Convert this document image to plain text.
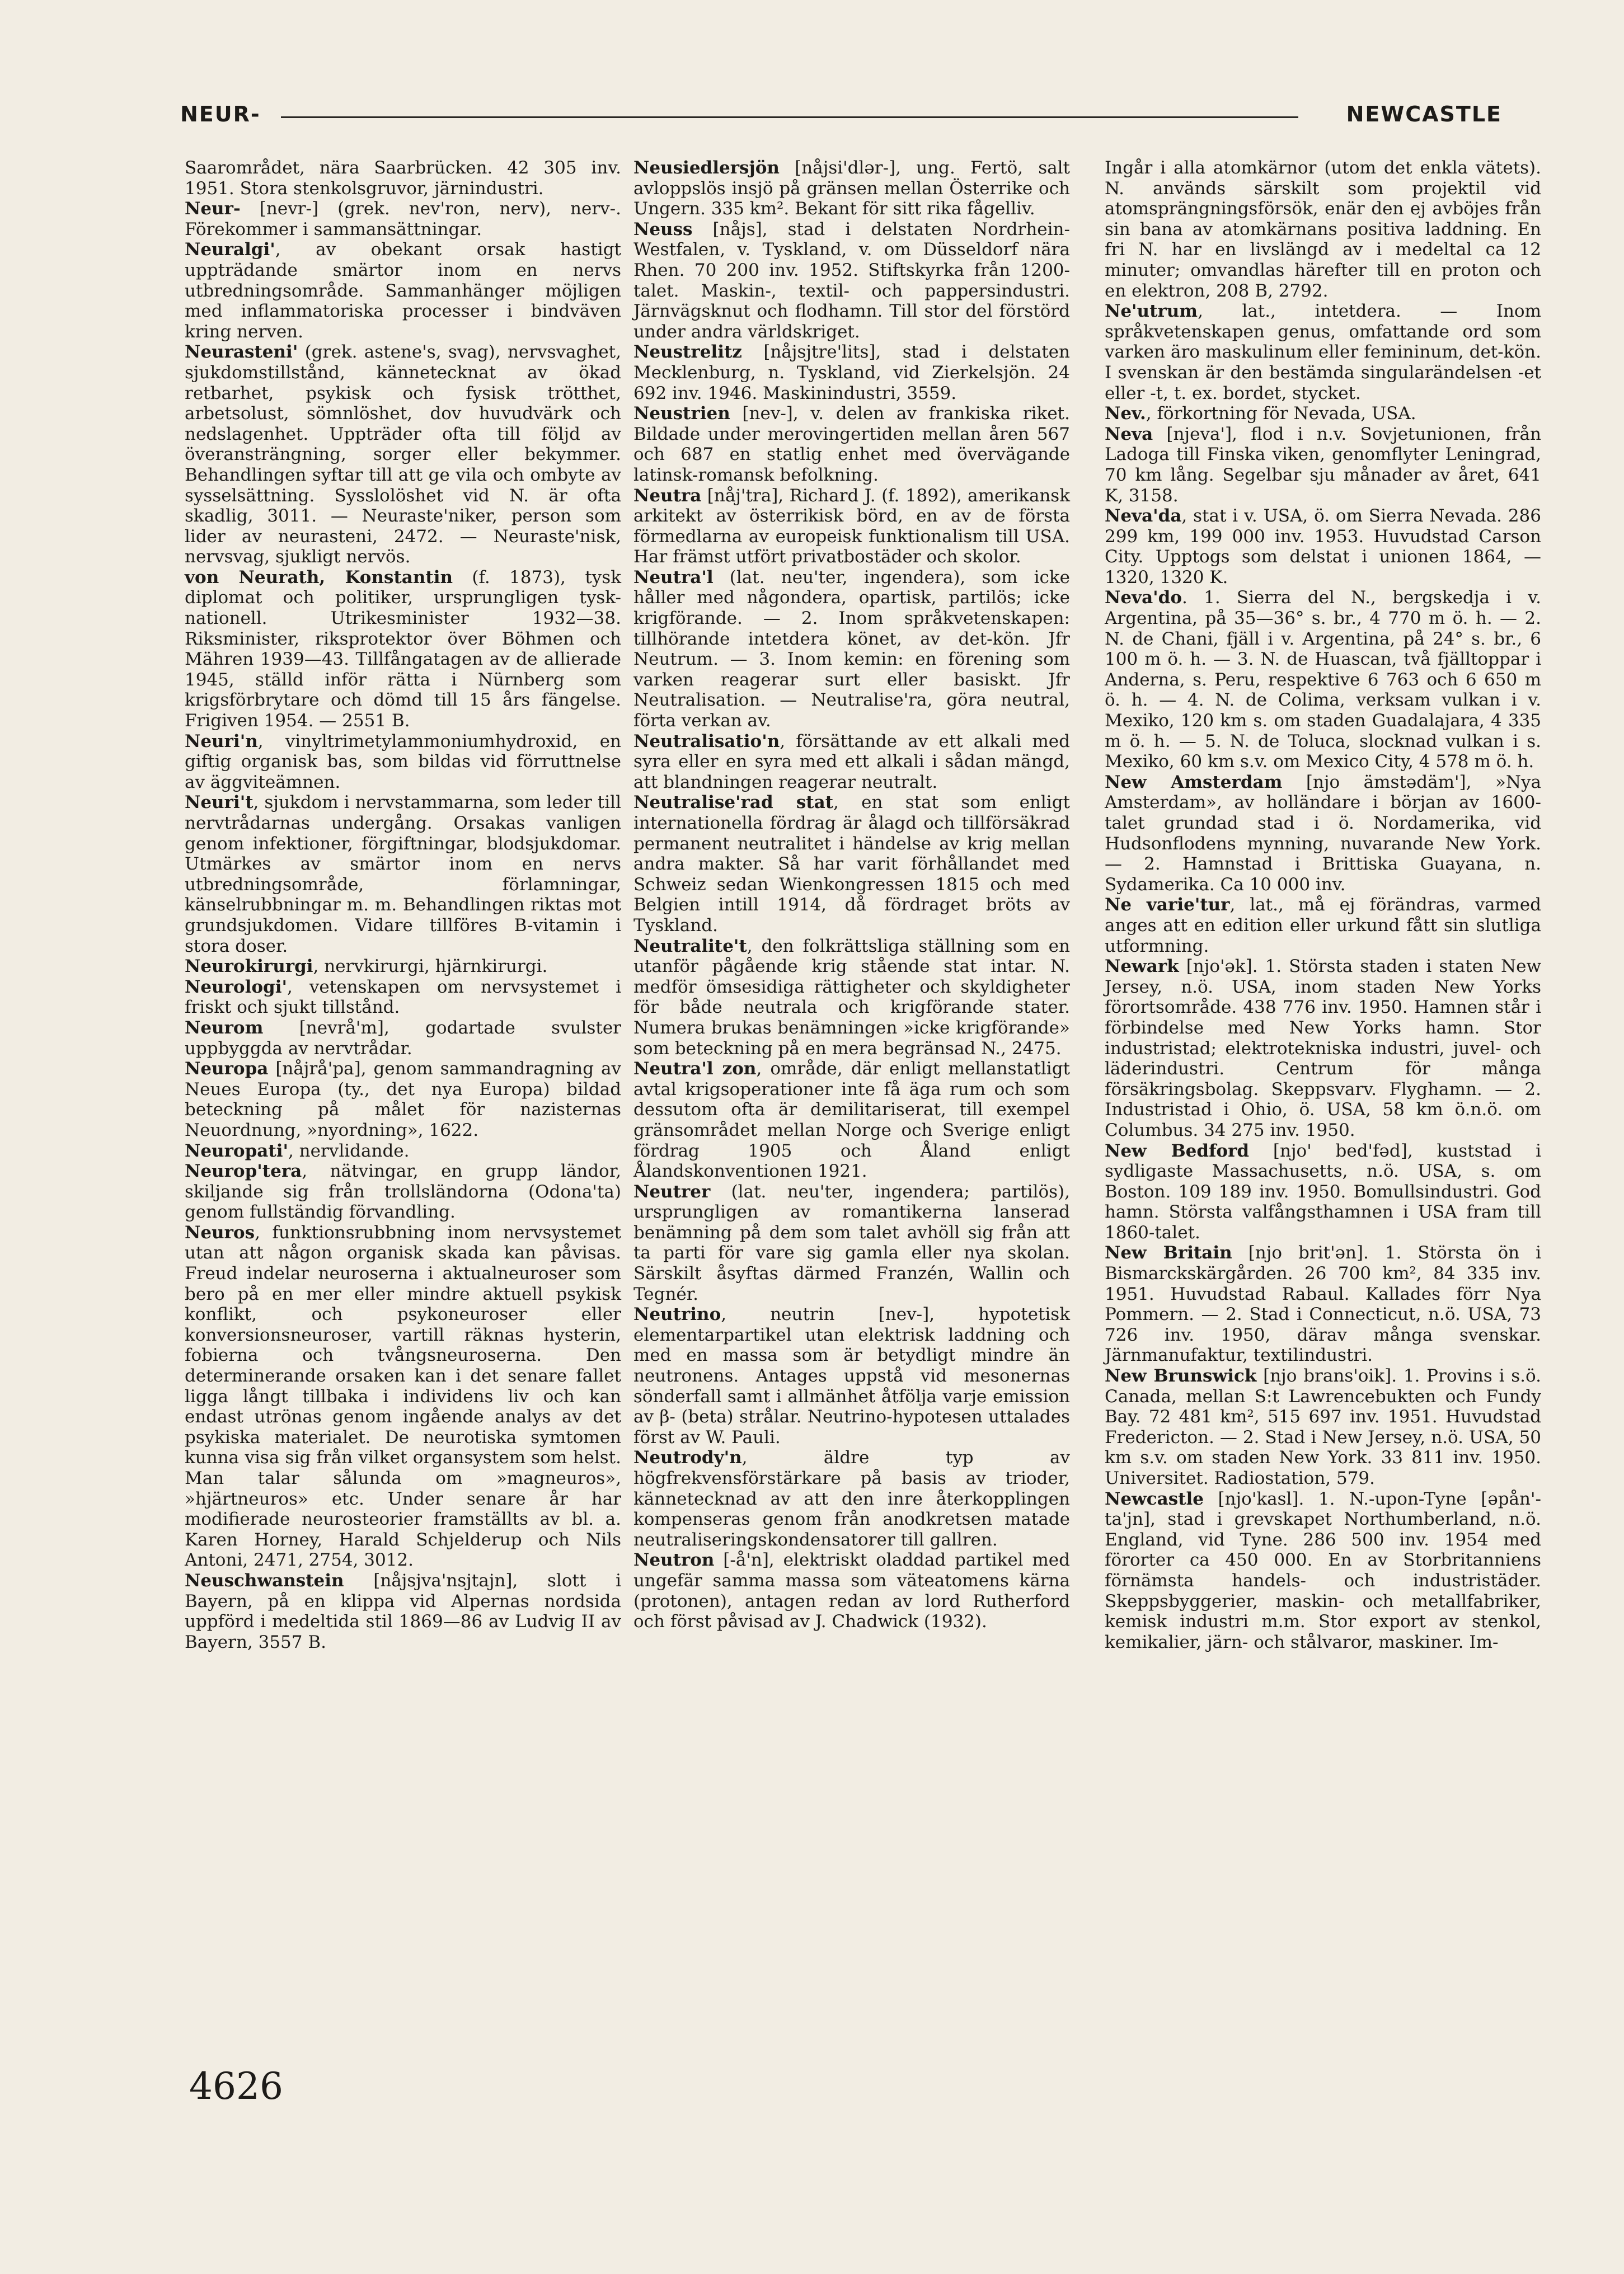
NEUR-	NEWCASTLE

Saarområdet, nära Saarbrücken. 42 305 inv. 1951. Stora stenkolsgruvor, järnindustri.

Neur- [nevr-] (grek. nev'ron, nerv), nerv-. Förekommer i sammansättningar.

Neuralgi', av obekant orsak hastigt uppträdande smärtor inom en nervs utbredningsområde. Sammanhänger möjligen med inflammatoriska processer i bindväven kring nerven.

Neurasteni' (grek. astene's, svag), nervsvaghet, sjukdomstillstånd, kännetecknat av ökad retbarhet, psykisk och fysisk trötthet, arbetsolust, sömnlöshet, dov huvudvärk och nedslagenhet. Uppträder ofta till följd av överansträngning, sorger eller bekymmer. Behandlingen syftar till att ge vila och ombyte av sysselsättning. Sysslolöshet vid N. är ofta skadlig, 3011. — Neuraste'niker, person som lider av neurasteni, 2472. — Neuraste'nisk, nervsvag, sjukligt nervös.

von Neurath, Konstantin (f. 1873), tysk diplomat och politiker, ursprungligen tysk-nationell. Utrikesminister 1932—38. Riksminister, riksprotektor över Böhmen och Mähren 1939—43. Tillfångatagen av de allierade 1945, ställd inför rätta i Nürnberg som krigsförbrytare och dömd till 15 års fängelse. Frigiven 1954. — 2551 B.

Neuri'n, vinyltrimetylammoniumhydroxid, en giftig organisk bas, som bildas vid förruttnelse av äggviteämnen.

Neuri't, sjukdom i nervstammarna, som leder till nervtrådarnas undergång. Orsakas vanligen genom infektioner, förgiftningar, blodsjukdomar. Utmärkes av smärtor inom en nervs utbredningsområde, förlamningar, känselrubbningar m. m. Behandlingen riktas mot grundsjukdomen. Vidare tillföres B-vitamin i stora doser.

Neurokirurgi, nervkirurgi, hjärnkirurgi.

Neurologi', vetenskapen om nervsystemet i friskt och sjukt tillstånd.

Neurom [nevrå'm], godartade svulster uppbyggda av nervtrådar.

Neuropa [nåjrå'pa], genom sammandragning av Neues Europa (ty., det nya Europa) bildad beteckning på målet för nazisternas Neuordnung, »nyordning», 1622.

Neuropati', nervlidande.

Neurop'tera, nätvingar, en grupp ländor, skiljande sig från trollsländorna (Odona'ta) genom fullständig förvandling.

Neuros, funktionsrubbning inom nervsystemet utan att någon organisk skada kan påvisas. Freud indelar neuroserna i aktualneuroser som bero på en mer eller mindre aktuell psykisk konflikt, och psykoneuroser eller konversionsneuroser, vartill räknas hysterin, fobierna och tvångsneuroserna. Den determinerande orsaken kan i det senare fallet ligga långt tillbaka i individens liv och kan endast utrönas genom ingående analys av det psykiska materialet. De neurotiska symtomen kunna visa sig från vilket organsystem som helst. Man talar sålunda om »magneuros», »hjärtneuros» etc. Under senare år har modifierade neurosteorier framställts av bl. a. Karen Horney, Harald Schjelderup och Nils Antoni, 2471, 2754, 3012.

Neuschwanstein [nåjsjva'nsjtajn], slott i Bayern, på en klippa vid Alpernas nordsida uppförd i medeltida stil 1869—86 av Ludvig II av Bayern, 3557 B.

Neusiedlersjön [nåjsi'dlər-], ung. Fertö, salt avloppslös insjö på gränsen mellan Österrike och Ungern. 335 km². Bekant för sitt rika fågelliv.

Neuss [nåjs], stad i delstaten Nordrhein-Westfalen, v. Tyskland, v. om Düsseldorf nära Rhen. 70 200 inv. 1952. Stiftskyrka från 1200-talet. Maskin-, textil- och pappersindustri. Järnvägsknut och flodhamn. Till stor del förstörd under andra världskriget.

Neustrelitz [nåjsjtre'lits], stad i delstaten Mecklenburg, n. Tyskland, vid Zierkelsjön. 24 692 inv. 1946. Maskinindustri, 3559.

Neustrien [nev-], v. delen av frankiska riket. Bildade under merovingertiden mellan åren 567 och 687 en statlig enhet med övervägande latinsk-romansk befolkning.

Neutra [nåj'tra], Richard J. (f. 1892), amerikansk arkitekt av österrikisk börd, en av de första förmedlarna av europeisk funktionalism till USA. Har främst utfört privatbostäder och skolor.

Neutra'l (lat. neu'ter, ingendera), som icke håller med någondera, opartisk, partilös; icke krigförande. — 2. Inom språkvetenskapen: tillhörande intetdera könet, av det-kön. Jfr Neutrum. — 3. Inom kemin: en förening som varken reagerar surt eller basiskt. Jfr Neutralisation. — Neutralise'ra, göra neutral, förta verkan av.

Neutralisatio'n, försättande av ett alkali med syra eller en syra med ett alkali i sådan mängd, att blandningen reagerar neutralt.

Neutralise'rad stat, en stat som enligt internationella fördrag är ålagd och tillförsäkrad permanent neutralitet i händelse av krig mellan andra makter. Så har varit förhållandet med Schweiz sedan Wienkongressen 1815 och med Belgien intill 1914, då fördraget bröts av Tyskland.

Neutralite't, den folkrättsliga ställning som en utanför pågående krig stående stat intar. N. medför ömsesidiga rättigheter och skyldigheter för både neutrala och krigförande stater. Numera brukas benämningen »icke krigförande» som beteckning på en mera begränsad N., 2475.

Neutra'l zon, område, där enligt mellanstatligt avtal krigsoperationer inte få äga rum och som dessutom ofta är demilitariserat, till exempel gränsområdet mellan Norge och Sverige enligt fördrag 1905 och Åland enligt Ålandskonventionen 1921.

Neutrer (lat. neu'ter, ingendera; partilös), ursprungligen av romantikerna lanserad benämning på dem som talet avhöll sig från att ta parti för vare sig gamla eller nya skolan. Särskilt åsyftas därmed Franzén, Wallin och Tegnér.

Neutrino, neutrin [nev-], hypotetisk elementarpartikel utan elektrisk laddning och med en massa som är betydligt mindre än neutronens. Antages uppstå vid mesonernas sönderfall samt i allmänhet åtfölja varje emission av β- (beta) strålar. Neutrino-hypotesen uttalades först av W. Pauli.

Neutrody'n, äldre typ av högfrekvensförstärkare på basis av trioder, kännetecknad av att den inre återkopplingen kompenseras genom från anodkretsen matade neutraliseringskondensatorer till gallren.

Neutron [-å'n], elektriskt oladdad partikel med ungefär samma massa som väteatomens kärna (protonen), antagen redan av lord Rutherford och först påvisad av J. Chadwick (1932).

Ingår i alla atomkärnor (utom det enkla vätets). N. används särskilt som projektil vid atomsprängningsförsök, enär den ej avböjes från sin bana av atomkärnans positiva laddning. En fri N. har en livslängd av i medeltal ca 12 minuter; omvandlas härefter till en proton och en elektron, 208 B, 2792.

Ne'utrum, lat., intetdera. — Inom språkvetenskapen genus, omfattande ord som varken äro maskulinum eller femininum, det-kön. I svenskan är den bestämda singularändelsen -et eller -t, t. ex. bordet, stycket.

Nev., förkortning för Nevada, USA.

Neva [njeva'], flod i n.v. Sovjetunionen, från Ladoga till Finska viken, genomflyter Leningrad, 70 km lång. Segelbar sju månader av året, 641 K, 3158.

Neva'da, stat i v. USA, ö. om Sierra Nevada. 286 299 km, 199 000 inv. 1953. Huvudstad Carson City. Upptogs som delstat i unionen 1864, — 1320, 1320 K.

Neva'do. 1. Sierra del N., bergskedja i v. Argentina, på 35—36° s. br., 4 770 m ö. h. — 2. N. de Chani, fjäll i v. Argentina, på 24° s. br., 6 100 m ö. h. — 3. N. de Huascan, två fjälltoppar i Anderna, s. Peru, respektive 6 763 och 6 650 m ö. h. — 4. N. de Colima, verksam vulkan i v. Mexiko, 120 km s. om staden Guadalajara, 4 335 m ö. h. — 5. N. de Toluca, slocknad vulkan i s. Mexiko, 60 km s.v. om Mexico City, 4 578 m ö. h.

New Amsterdam [njo ämstədäm'], »Nya Amsterdam», av holländare i början av 1600-talet grundad stad i ö. Nordamerika, vid Hudsonflodens mynning, nuvarande New York. — 2. Hamnstad i Brittiska Guayana, n. Sydamerika. Ca 10 000 inv.

Ne varie'tur, lat., må ej förändras, varmed anges att en edition eller urkund fått sin slutliga utformning.

Newark [njo'ək]. 1. Största staden i staten New Jersey, n.ö. USA, inom staden New Yorks förortsområde. 438 776 inv. 1950. Hamnen står i förbindelse med New Yorks hamn. Stor industristad; elektrotekniska industri, juvel- och läderindustri. Centrum för många försäkringsbolag. Skeppsvarv. Flyghamn. — 2. Industristad i Ohio, ö. USA, 58 km ö.n.ö. om Columbus. 34 275 inv. 1950.

New Bedford [njo' bed'fəd], kuststad i sydligaste Massachusetts, n.ö. USA, s. om Boston. 109 189 inv. 1950. Bomullsindustri. God hamn. Största valfångsthamnen i USA fram till 1860-talet.

New Britain [njo brit'ən]. 1. Största ön i Bismarckskärgården. 26 700 km², 84 335 inv. 1951. Huvudstad Rabaul. Kallades förr Nya Pommern. — 2. Stad i Connecticut, n.ö. USA, 73 726 inv. 1950, därav många svenskar. Järnmanufaktur, textilindustri.

New Brunswick [njo brans'oik]. 1. Provins i s.ö. Canada, mellan S:t Lawrencebukten och Fundy Bay. 72 481 km², 515 697 inv. 1951. Huvudstad Fredericton. — 2. Stad i New Jersey, n.ö. USA, 50 km s.v. om staden New York. 33 811 inv. 1950. Universitet. Radiostation, 579.

Newcastle [njo'kasl]. 1. N.-upon-Tyne [əpån'-ta'jn], stad i grevskapet Northumberland, n.ö. England, vid Tyne. 286 500 inv. 1954 med förorter ca 450 000. En av Storbritanniens förnämsta handels- och industristäder. Skeppsbyggerier, maskin- och metallfabriker, kemisk industri m.m. Stor export av stenkol, kemikalier, järn- och stålvaror, maskiner. Im-

4626
